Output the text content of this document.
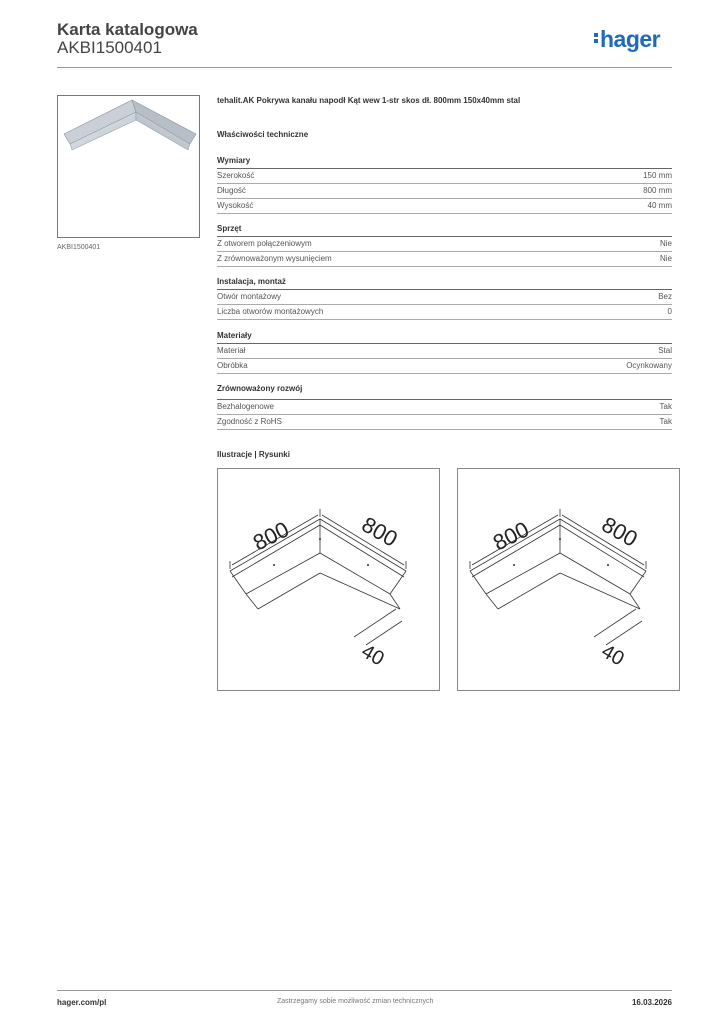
Karta katalogowa
AKBI1500401	hager
AKBI1500401
tehalit.AK Pokrywa kanału napodł Kąt wew 1-str skos dł. 800mm 150x40mm stal
Właściwości techniczne
Wymiary
Szerokość	150 mm
Długość	800 mm
Wysokość	40 mm
Sprzęt
Z otworem połączeniowym	Nie
Z zrównoważonym wysunięciem	Nie
Instalacja, montaż
Otwór montażowy	Bez
Liczba otworów montażowych	0
Materiały
Materiał	Stal
Obróbka	Ocynkowany
Zrównoważony rozwój
Bezhalogenowe	Tak
Zgodność z RoHS	Tak
Ilustracje | Rysunki
800	800
40
800	800
40
hager.com/pl	Zastrzegamy sobie możliwość zmian technicznych	16.03.2026
